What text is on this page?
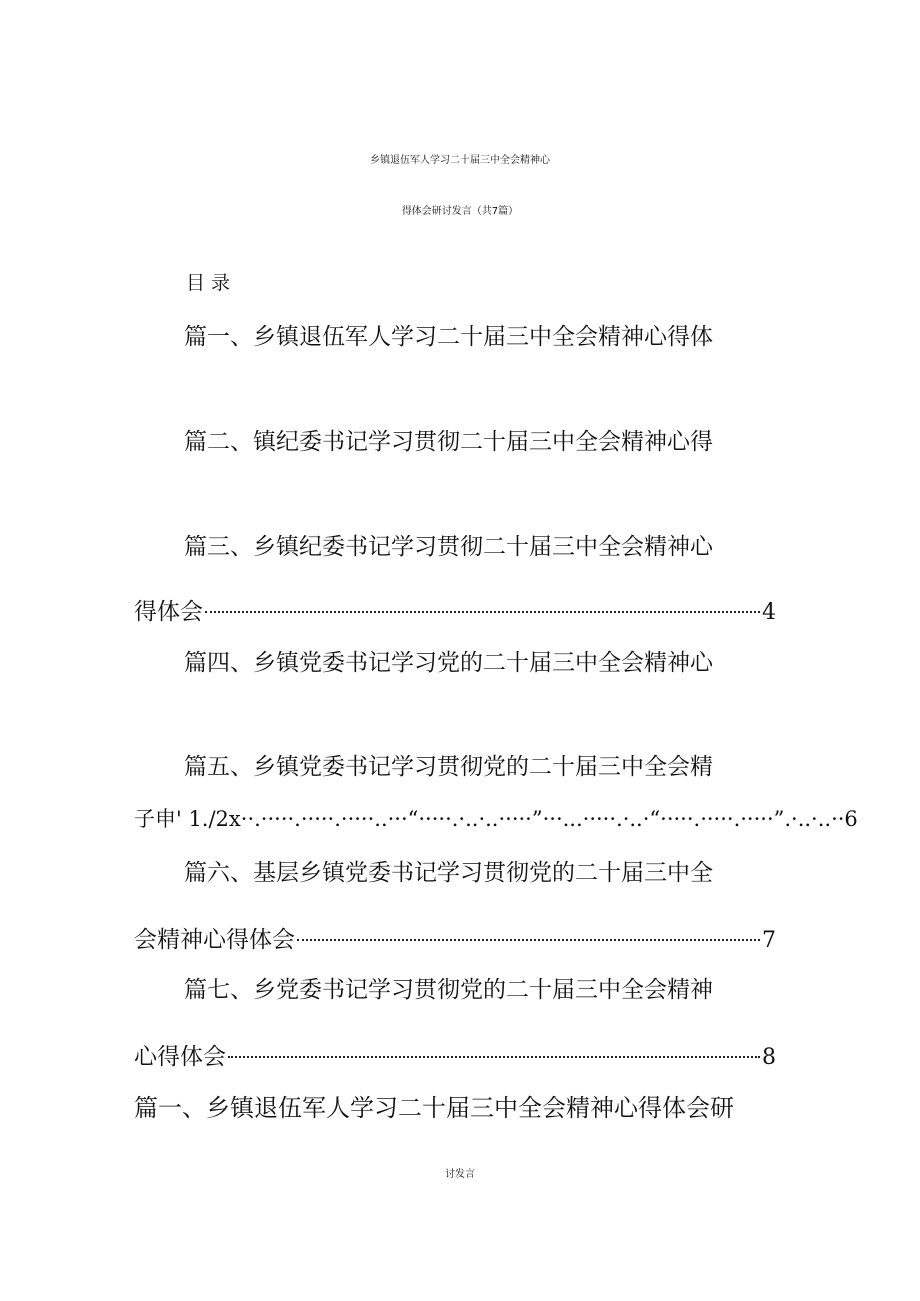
乡镇退伍军人学习二十届三中全会精神心
得体会研讨发言（共7篇）
目录
篇一、乡镇退伍军人学习二十届三中全会精神心得体
篇二、镇纪委书记学习贯彻二十届三中全会精神心得
篇三、乡镇纪委书记学习贯彻二十届三中全会精神心
得体会	4
篇四、乡镇党委书记学习党的二十届三中全会精神心
篇五、乡镇党委书记学习贯彻党的二十届三中全会精
子申' 1./2x··.·····.·····.·····..···“·····.·..·..·····”···...·····.·..·“·····.·····.·····”.·..·..··6
篇六、基层乡镇党委书记学习贯彻党的二十届三中全
会精神心得体会	7
篇七、乡党委书记学习贯彻党的二十届三中全会精神
心得体会	8
篇一、乡镇退伍军人学习二十届三中全会精神心得体会研
讨发言
